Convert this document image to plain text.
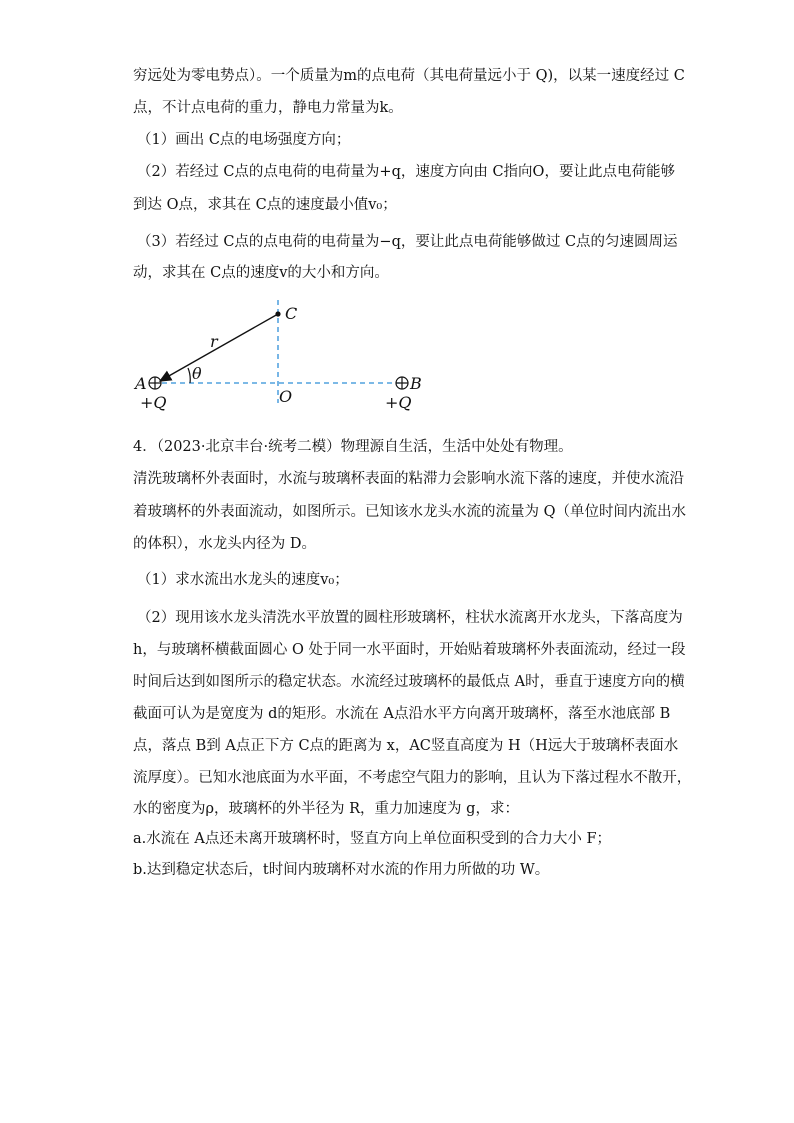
穷远处为零电势点）。一个质量为m的点电荷（其电荷量远小于 Q)，以某一速度经过 C
点，不计点电荷的重力，静电力常量为k。
（1）画出 C点的电场强度方向；
（2）若经过 C点的点电荷的电荷量为+q，速度方向由 C指向O，要让此点电荷能够
到达 O点，求其在 C点的速度最小值v₀；
（3）若经过 C点的点电荷的电荷量为−q，要让此点电荷能够做过 C点的匀速圆周运
动，求其在 C点的速度v的大小和方向。
C
r
θ
A	B
O
+Q	+Q
4．（2023·北京丰台·统考二模）物理源自生活，生活中处处有物理。
清洗玻璃杯外表面时，水流与玻璃杯表面的粘滞力会影响水流下落的速度，并使水流沿
着玻璃杯的外表面流动，如图所示。已知该水龙头水流的流量为 Q（单位时间内流出水
的体积），水龙头内径为 D。
（1）求水流出水龙头的速度v₀；
（2）现用该水龙头清洗水平放置的圆柱形玻璃杯，柱状水流离开水龙头，下落高度为
h，与玻璃杯横截面圆心 O 处于同一水平面时，开始贴着玻璃杯外表面流动，经过一段
时间后达到如图所示的稳定状态。水流经过玻璃杯的最低点 A时，垂直于速度方向的横
截面可认为是宽度为 d的矩形。水流在 A点沿水平方向离开玻璃杯，落至水池底部 B
点，落点 B到 A点正下方 C点的距离为 x，AC竖直高度为 H（H远大于玻璃杯表面水
流厚度）。已知水池底面为水平面，不考虑空气阻力的影响，且认为下落过程水不散开，
水的密度为ρ，玻璃杯的外半径为 R，重力加速度为 g，求：
a.水流在 A点还未离开玻璃杯时，竖直方向上单位面积受到的合力大小 F；
b.达到稳定状态后，t时间内玻璃杯对水流的作用力所做的功 W。
